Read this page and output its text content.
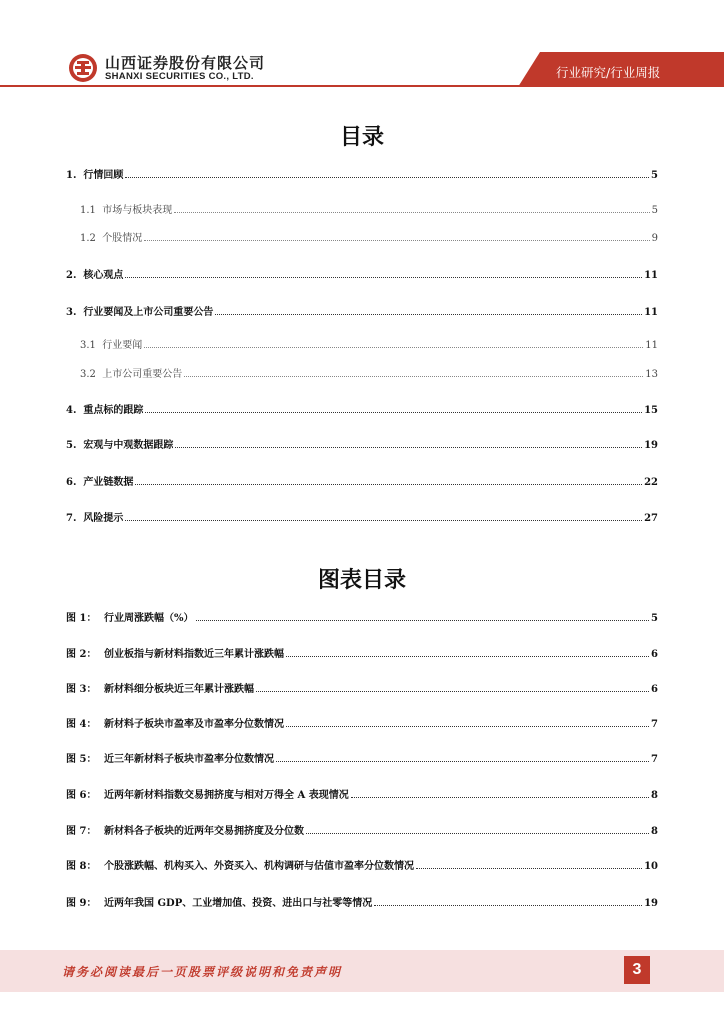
山西证券股份有限公司
SHANXI SECURITIES CO., LTD.	行业研究/行业周报
目录
1. 行情回顾	5
1.1 市场与板块表现	5
1.2 个股情况	9
2. 核心观点	11
3. 行业要闻及上市公司重要公告	11
3.1 行业要闻	11
3.2 上市公司重要公告	13
4. 重点标的跟踪	15
5. 宏观与中观数据跟踪	19
6. 产业链数据	22
7. 风险提示	27
图表目录
图 1： 行业周涨跌幅（%）	5
图 2： 创业板指与新材料指数近三年累计涨跌幅	6
图 3： 新材料细分板块近三年累计涨跌幅	6
图 4： 新材料子板块市盈率及市盈率分位数情况	7
图 5： 近三年新材料子板块市盈率分位数情况	7
图 6： 近两年新材料指数交易拥挤度与相对万得全 A 表现情况	8
图 7： 新材料各子板块的近两年交易拥挤度及分位数	8
图 8： 个股涨跌幅、机构买入、外资买入、机构调研与估值市盈率分位数情况	10
图 9： 近两年我国 GDP、工业增加值、投资、进出口与社零等情况	19
请务必阅读最后一页股票评级说明和免责声明	3
